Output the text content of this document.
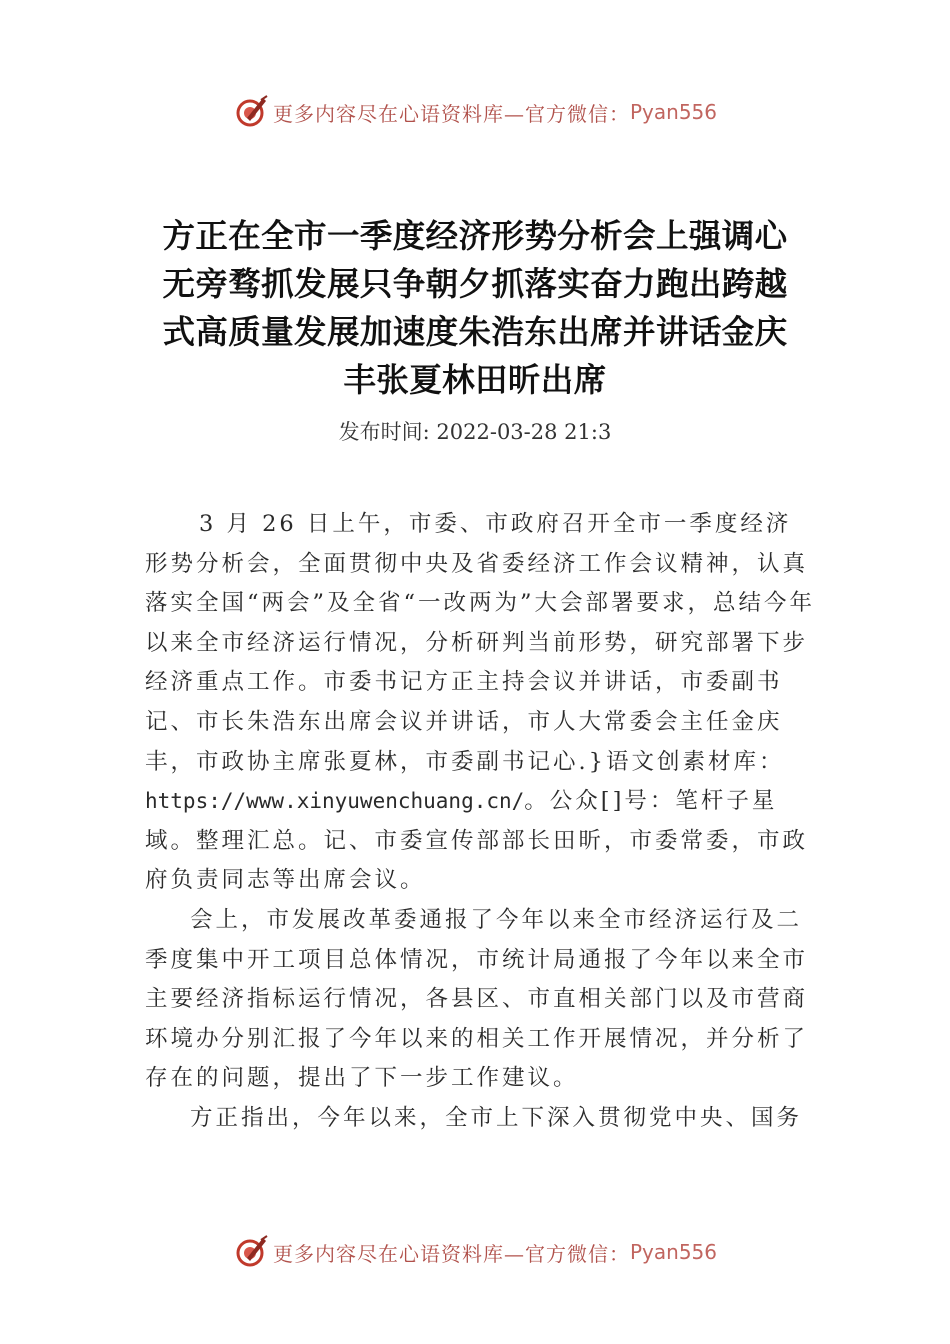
更多内容尽在心语资料库—官方微信： Pyan556
方正在全市一季度经济形势分析会上强调心无旁骛抓发展只争朝夕抓落实奋力跑出跨越式高质量发展加速度朱浩东出席并讲话金庆丰张夏林田昕出席
发布时间: 2022-03-28 21:3

3 月 26 日上午，市委、市政府召开全市一季度经济形势分析会，全面贯彻中央及省委经济工作会议精神，认真落实全国“两会”及全省“一改两为”大会部署要求，总结今年以来全市经济运行情况，分析研判当前形势，研究部署下步 经济重点工作。市委书记方正主持会议并讲话，市委副书记、市长朱浩东出席会议并讲话，市人大常委会主任金庆丰，市政协主席张夏林，市委副书记心.}语文创素材库：https://www.xinyuwenchuang.cn/。公众[]号：笔杆子星域。整理汇总。记、市委宣传部部长田昕，市委常委，市政府负责同志等出席会议。

会上，市发展改革委通报了今年以来全市经济运行及二季度集中开工项目总体情况，市统计局通报了今年以来全市主要经济指标运行情况，各县区、市直相关部门以及市营商环境办分别汇报了今年以来的相关工作开展情况，并分析了存在的问题，提出了下一步工作建议。

方正指出，今年以来，全市上下深入贯彻党中央、国务

更多内容尽在心语资料库—官方微信： Pyan556
